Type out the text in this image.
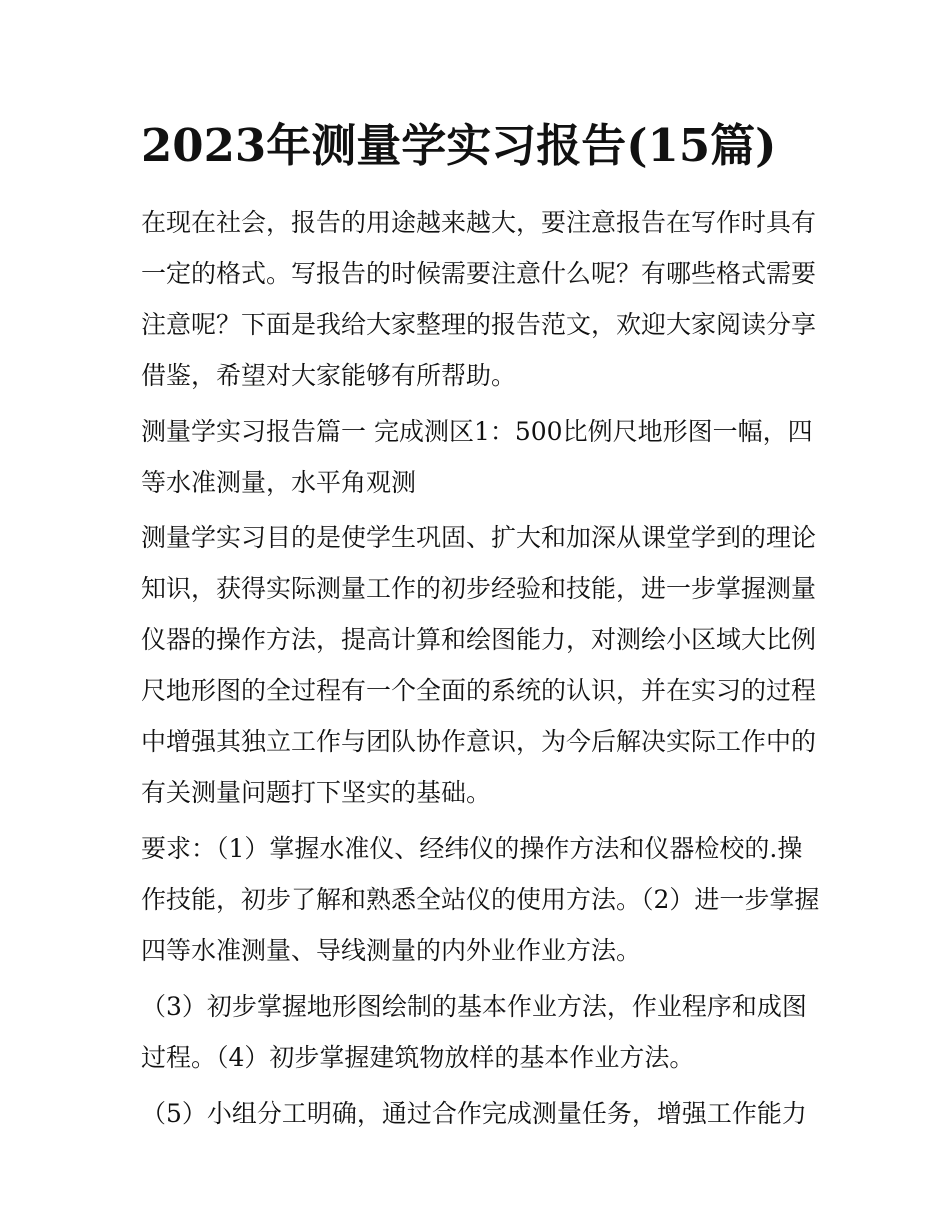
2023年测量学实习报告(15篇)

在现在社会，报告的用途越来越大，要注意报告在写作时具有一定的格式。写报告的时候需要注意什么呢？有哪些格式需要注意呢？下面是我给大家整理的报告范文，欢迎大家阅读分享借鉴，希望对大家能够有所帮助。

测量学实习报告篇一 完成测区1：500比例尺地形图一幅，四等水准测量，水平角观测

测量学实习目的是使学生巩固、扩大和加深从课堂学到的理论知识，获得实际测量工作的初步经验和技能，进一步掌握测量仪器的操作方法，提高计算和绘图能力，对测绘小区域大比例尺地形图的全过程有一个全面的系统的认识，并在实习的过程中增强其独立工作与团队协作意识，为今后解决实际工作中的有关测量问题打下坚实的基础。

要求：（1）掌握水准仪、经纬仪的操作方法和仪器检校的.操作技能，初步了解和熟悉全站仪的使用方法。（2）进一步掌握四等水准测量、导线测量的内外业作业方法。

（3）初步掌握地形图绘制的基本作业方法，作业程序和成图过程。（4）初步掌握建筑物放样的基本作业方法。

（5）小组分工明确，通过合作完成测量任务，增强工作能力
